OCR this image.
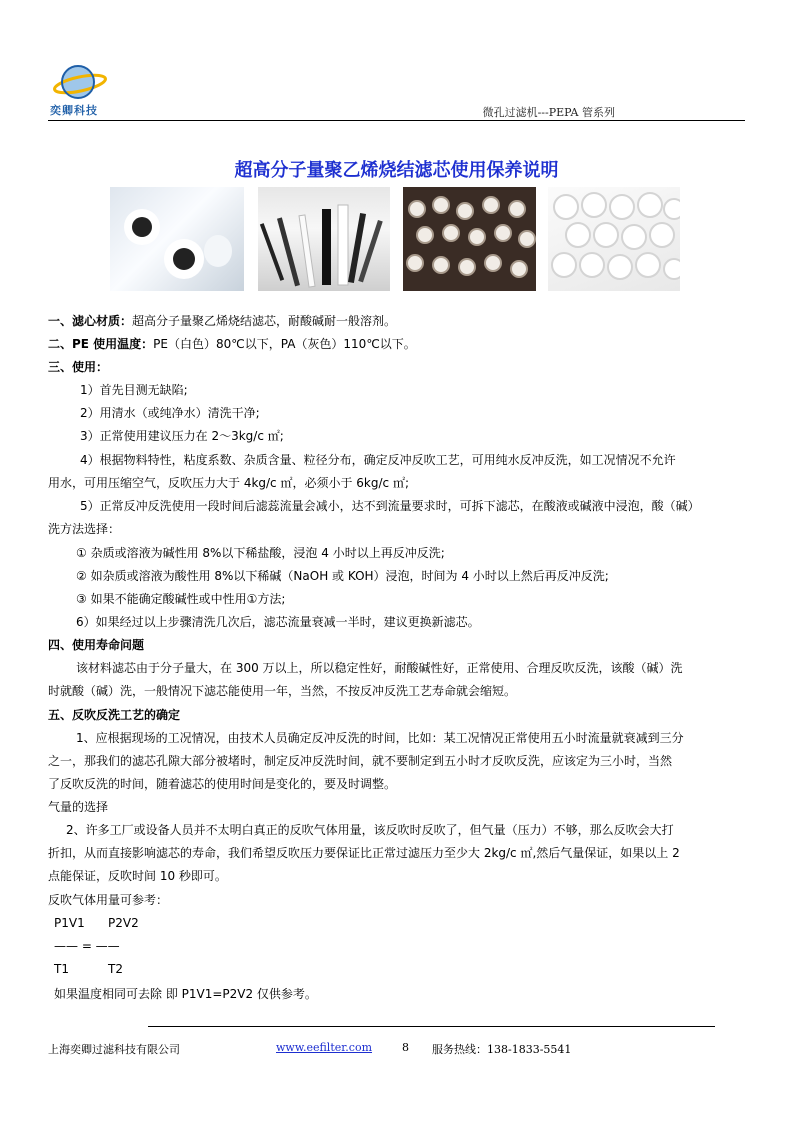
奕卿科技	微孔过滤机---PEPA 管系列
超高分子量聚乙烯烧结滤芯使用保养说明
一、滤心材质：超高分子量聚乙烯烧结滤芯，耐酸碱耐一般溶剂。
二、PE 使用温度：PE（白色）80℃以下，PA（灰色）110℃以下。
三、使用：
1）首先目测无缺陷;
2）用清水（或纯净水）清洗干净;
3）正常使用建议压力在 2～3kg/c ㎡;
4）根据物料特性，粘度系数、杂质含量、粒径分布，确定反冲反吹工艺，可用纯水反冲反洗，如工况情况不允许
用水，可用压缩空气，反吹压力大于 4kg/c ㎡，必须小于 6kg/c ㎡;
5）正常反冲反洗使用一段时间后滤蕊流量会减小，达不到流量要求时，可拆下滤芯，在酸液或碱液中浸泡，酸（碱）
洗方法选择：
① 杂质或溶液为碱性用 8%以下稀盐酸，浸泡 4 小时以上再反冲反洗;
② 如杂质或溶液为酸性用 8%以下稀碱（NaOH 或 KOH）浸泡，时间为 4 小时以上然后再反冲反洗;
③ 如果不能确定酸碱性或中性用①方法;
6）如果经过以上步骤清洗几次后，滤芯流量衰减一半时，建议更换新滤芯。
四、使用寿命问题
该材料滤芯由于分子量大，在 300 万以上，所以稳定性好，耐酸碱性好，正常使用、合理反吹反洗，该酸（碱）洗
时就酸（碱）洗，一般情况下滤芯能使用一年，当然，不按反冲反洗工艺寿命就会缩短。
五、反吹反洗工艺的确定
1、应根据现场的工况情况，由技术人员确定反冲反洗的时间，比如：某工况情况正常使用五小时流量就衰减到三分
之一，那我们的滤芯孔隙大部分被堵时，制定反冲反洗时间，就不要制定到五小时才反吹反洗，应该定为三小时，当然
了反吹反洗的时间，随着滤芯的使用时间是变化的，要及时调整。
气量的选择
2、许多工厂或设备人员并不太明白真正的反吹气体用量，该反吹时反吹了，但气量（压力）不够，那么反吹会大打
折扣，从而直接影响滤芯的寿命，我们希望反吹压力要保证比正常过滤压力至少大 2kg/c ㎡,然后气量保证，如果以上 2
点能保证，反吹时间 10 秒即可。
反吹气体用量可参考：
P1V1 P2V2
—— = ——
T1	T2
如果温度相同可去除 即 P1V1=P2V2 仅供参考。
上海奕卿过滤科技有限公司	www.eefilter.com	8 服务热线：138-1833-5541
